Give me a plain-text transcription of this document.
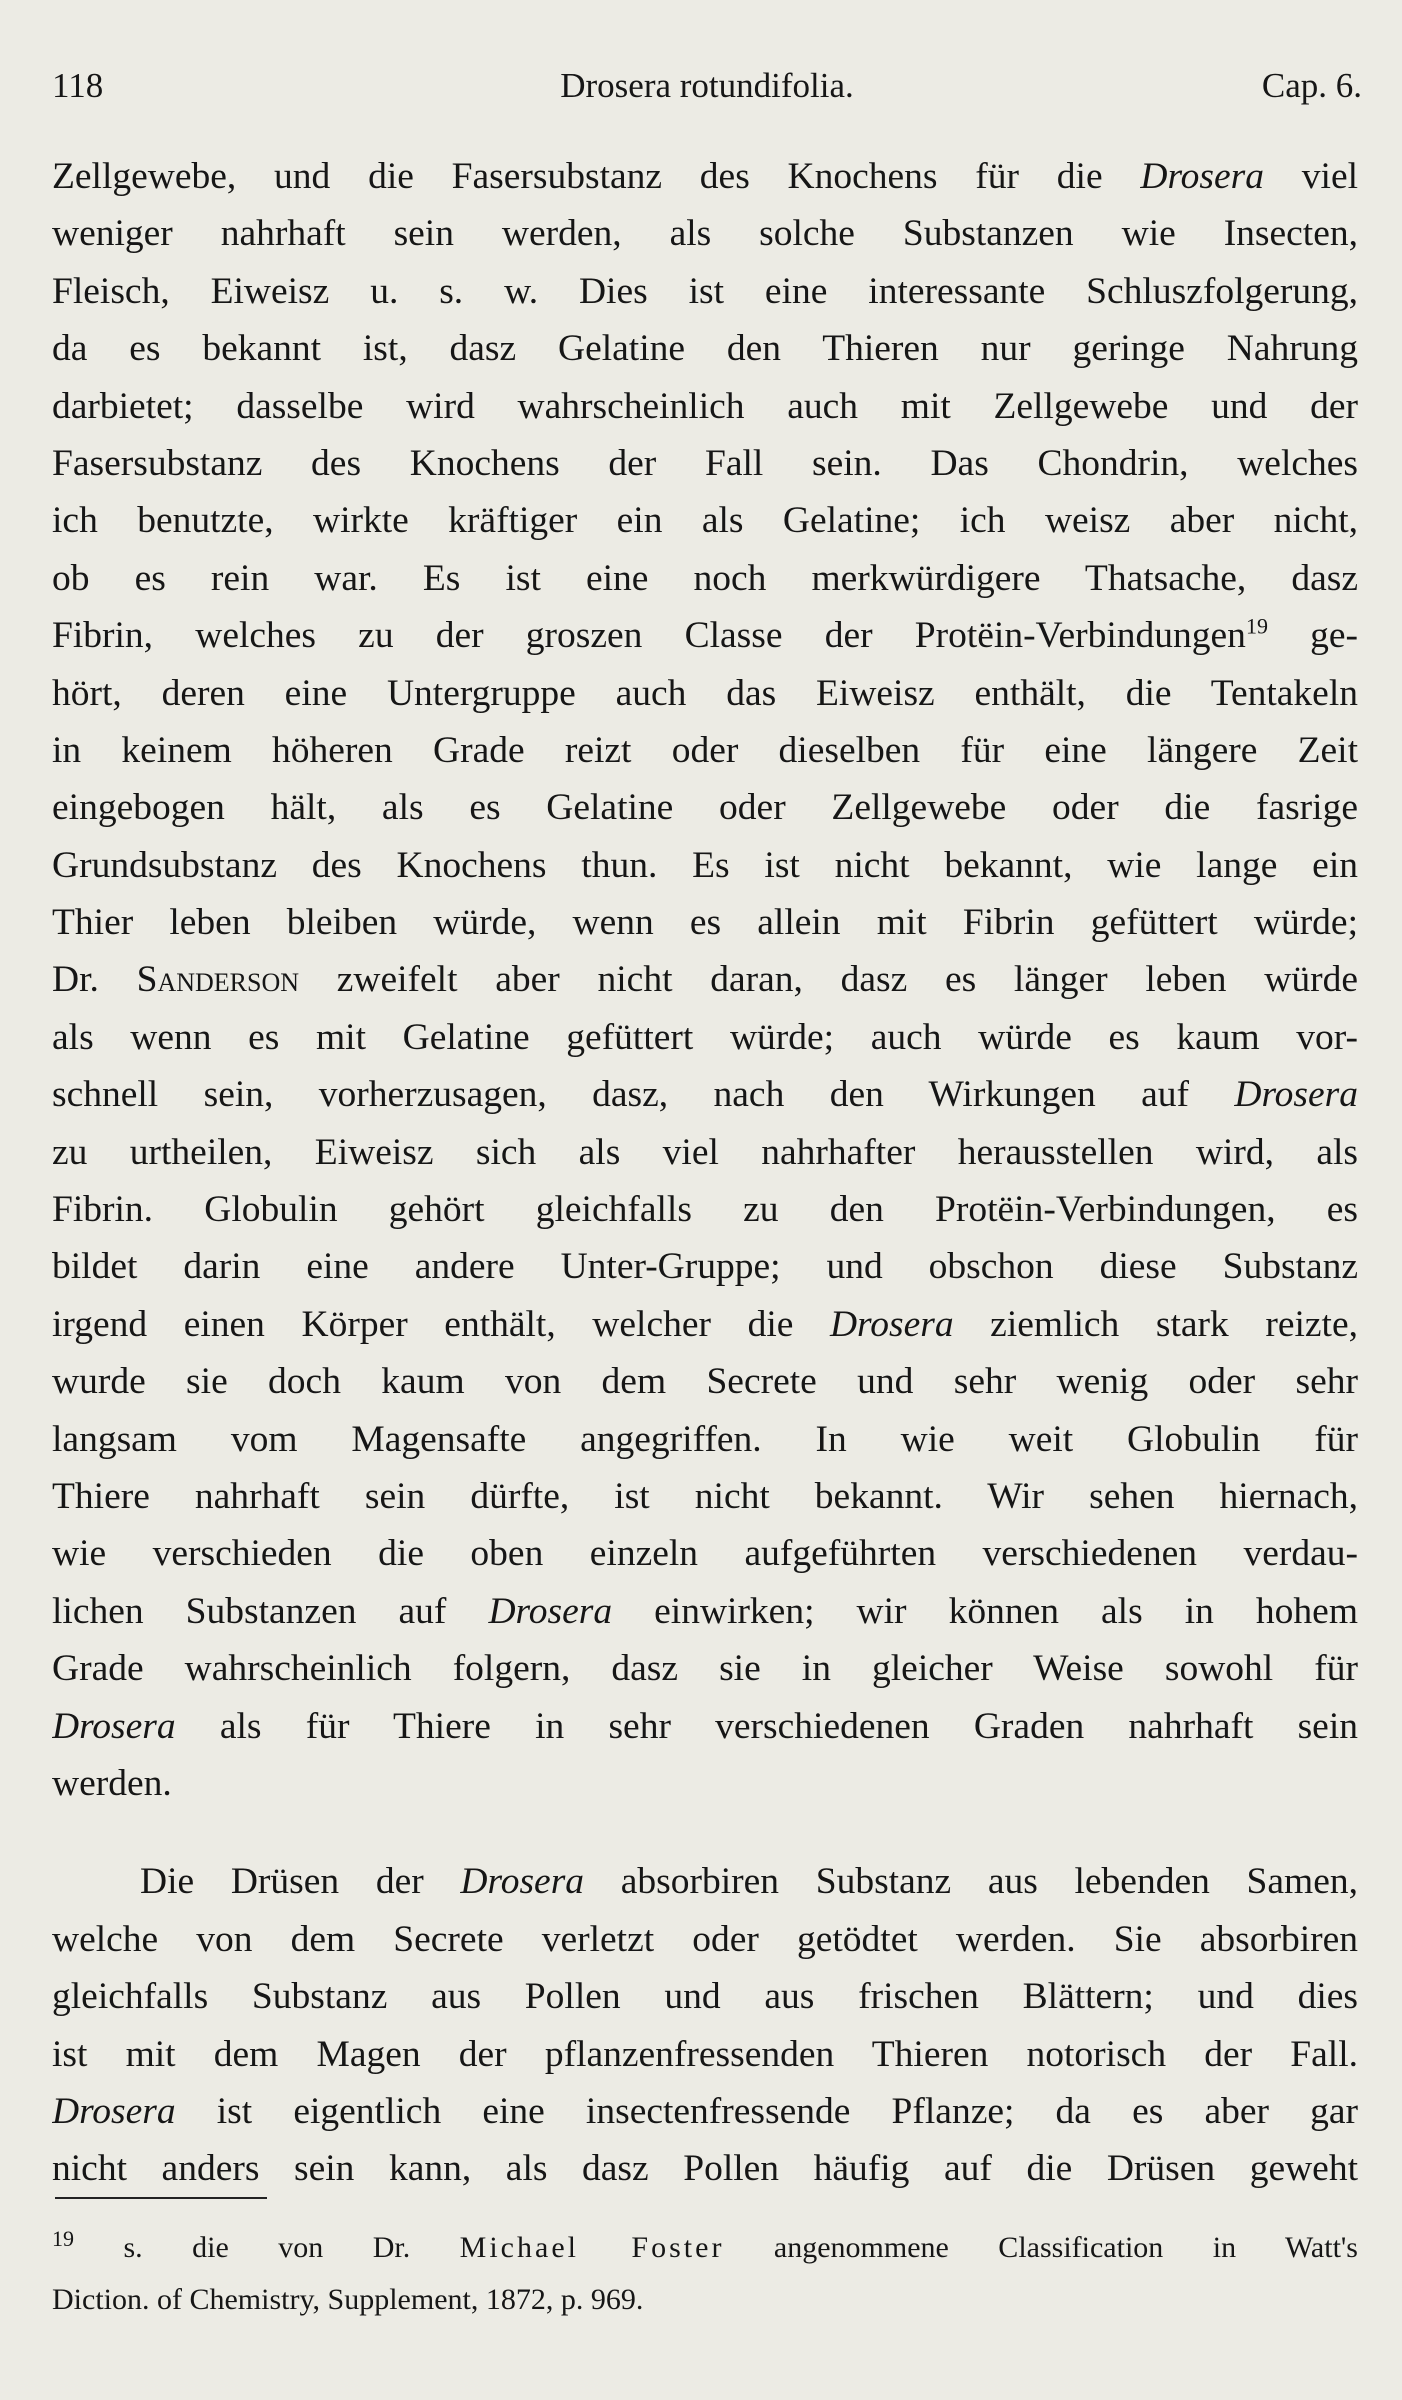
118	Drosera rotundifolia.	Cap. 6.
Zellgewebe, und die Fasersubstanz des Knochens für die Drosera viel
weniger nahrhaft sein werden, als solche Substanzen wie Insecten,
Fleisch, Eiweisz u. s. w. Dies ist eine interessante Schluszfolgerung,
da es bekannt ist, dasz Gelatine den Thieren nur geringe Nahrung
darbietet; dasselbe wird wahrscheinlich auch mit Zellgewebe und der
Fasersubstanz des Knochens der Fall sein. Das Chondrin, welches
ich benutzte, wirkte kräftiger ein als Gelatine; ich weisz aber nicht,
ob es rein war. Es ist eine noch merkwürdigere Thatsache, dasz
Fibrin, welches zu der groszen Classe der Protëin-Verbindungen$^{19}$ ge-
hört, deren eine Untergruppe auch das Eiweisz enthält, die Tentakeln
in keinem höheren Grade reizt oder dieselben für eine längere Zeit
eingebogen hält, als es Gelatine oder Zellgewebe oder die fasrige
Grundsubstanz des Knochens thun. Es ist nicht bekannt, wie lange ein
Thier leben bleiben würde, wenn es allein mit Fibrin gefüttert würde;
Dr. Sanderson zweifelt aber nicht daran, dasz es länger leben würde
als wenn es mit Gelatine gefüttert würde; auch würde es kaum vor-
schnell sein, vorherzusagen, dasz, nach den Wirkungen auf Drosera
zu urtheilen, Eiweisz sich als viel nahrhafter herausstellen wird, als
Fibrin. Globulin gehört gleichfalls zu den Protëin-Verbindungen, es
bildet darin eine andere Unter-Gruppe; und obschon diese Substanz
irgend einen Körper enthält, welcher die Drosera ziemlich stark reizte,
wurde sie doch kaum von dem Secrete und sehr wenig oder sehr
langsam vom Magensafte angegriffen. In wie weit Globulin für
Thiere nahrhaft sein dürfte, ist nicht bekannt. Wir sehen hiernach,
wie verschieden die oben einzeln aufgeführten verschiedenen verdau-
lichen Substanzen auf Drosera einwirken; wir können als in hohem
Grade wahrscheinlich folgern, dasz sie in gleicher Weise sowohl für
Drosera als für Thiere in sehr verschiedenen Graden nahrhaft sein
werden.
Die Drüsen der Drosera absorbiren Substanz aus lebenden Samen,
welche von dem Secrete verletzt oder getödtet werden. Sie absorbiren
gleichfalls Substanz aus Pollen und aus frischen Blättern; und dies
ist mit dem Magen der pflanzenfressenden Thieren notorisch der Fall.
Drosera ist eigentlich eine insectenfressende Pflanze; da es aber gar
nicht anders sein kann, als dasz Pollen häufig auf die Drüsen geweht
$^{19}$ s. die von Dr. Michael Foster angenommene Classification in Watt's
Diction. of Chemistry, Supplement, 1872, p. 969.
